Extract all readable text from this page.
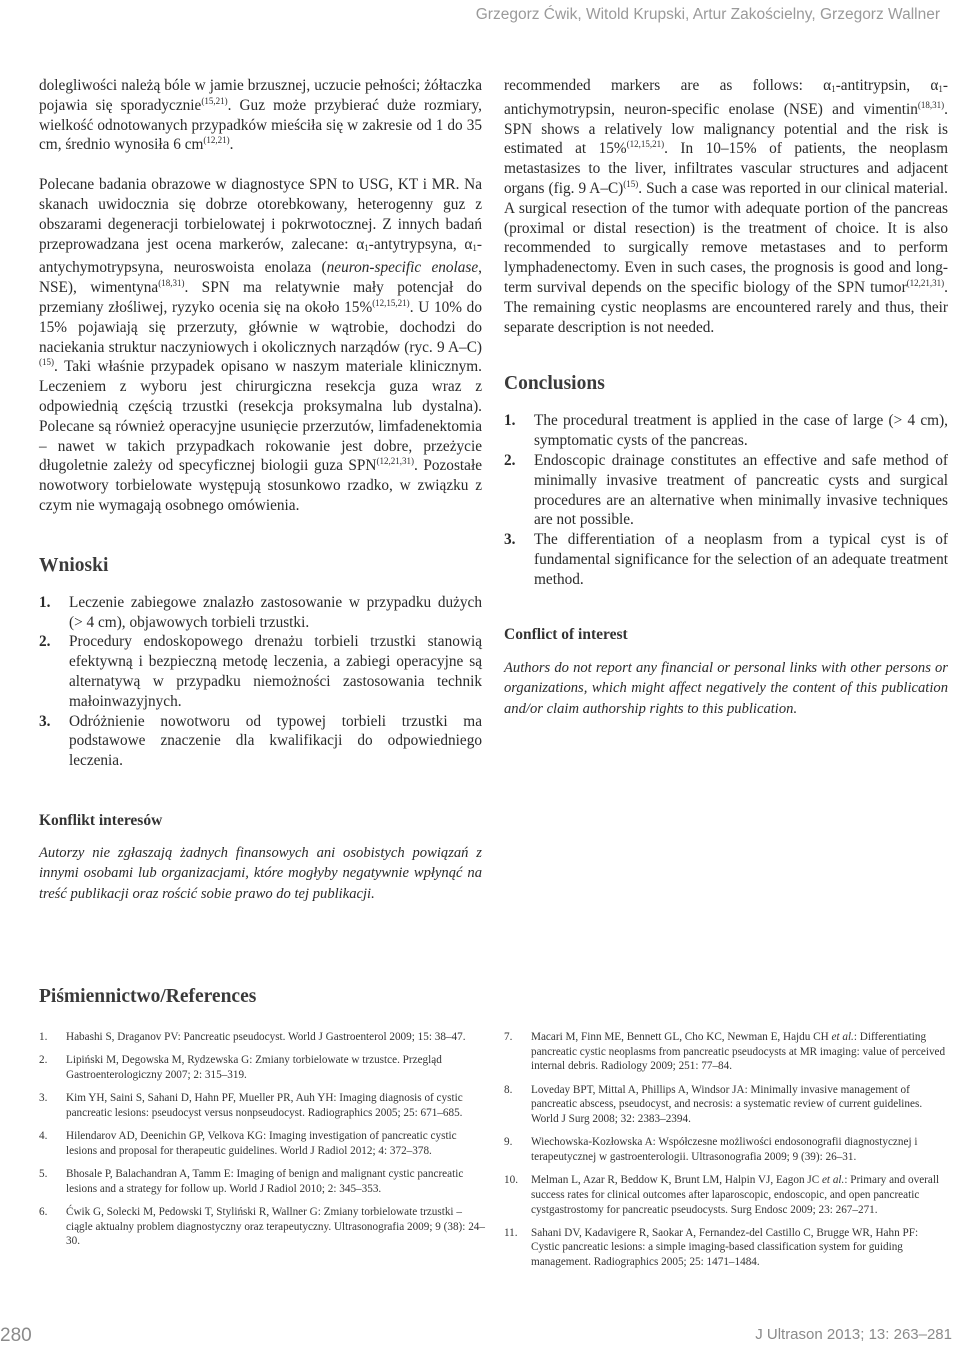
Grzegorz Ćwik, Witold Krupski, Artur Zakościelny, Grzegorz Wallner

dolegliwości należą bóle w jamie brzusznej, uczucie pełności; żółtaczka pojawia się sporadycznie$^{(15,21)}$. Guz może przybierać duże rozmiary, wielkość odnotowanych przypadków mieściła się w zakresie od 1 do 35 cm, średnio wynosiła 6 cm$^{(12,21)}$.

Polecane badania obrazowe w diagnostyce SPN to USG, KT i MR. Na skanach uwidocznia się dobrze otorebkowany, heterogenny guz z obszarami degeneracji torbielowatej i pokrwotocznej. Z innych badań przeprowadzana jest ocena markerów, zalecane: $\alpha_1$-antytrypsyna, $\alpha_1$-antychymotrypsyna, neuroswoista enolaza (neuron-specific enolase, NSE), wimentyna$^{(18,31)}$. SPN ma relatywnie mały potencjał do przemiany złośliwej, ryzyko ocenia się na około 15%$^{(12,15,21)}$. U 10% do 15% pojawiają się przerzuty, głównie w wątrobie, dochodzi do naciekania struktur naczyniowych i okolicznych narządów (ryc. 9 A–C)$^{(15)}$. Taki właśnie przypadek opisano w naszym materiale klinicznym. Leczeniem z wyboru jest chirurgiczna resekcja guza wraz z odpowiednią częścią trzustki (resekcja proksymalna lub dystalna). Polecane są również operacyjne usunięcie przerzutów, limfadenektomia – nawet w takich przypadkach rokowanie jest dobre, przeżycie długoletnie zależy od specyficznej biologii guza SPN$^{(12,21,31)}$. Pozostałe nowotwory torbielowate występują stosunkowo rzadko, w związku z czym nie wymagają osobnego omówienia.

Wnioski
1. Leczenie zabiegowe znalazło zastosowanie w przypadku dużych (> 4 cm), objawowych torbieli trzustki.
2. Procedury endoskopowego drenażu torbieli trzustki stanowią efektywną i bezpieczną metodę leczenia, a zabiegi operacyjne są alternatywą w przypadku niemożności zastosowania technik małoinwazyjnych.
3. Odróżnienie nowotworu od typowej torbieli trzustki ma podstawowe znaczenie dla kwalifikacji do odpowiedniego leczenia.
Konflikt interesów

Autorzy nie zgłaszają żadnych finansowych ani osobistych powiązań z innymi osobami lub organizacjami, które mogłyby negatywnie wpłynąć na treść publikacji oraz rościć sobie prawo do tej publikacji.

recommended markers are as follows: $\alpha_1$-antitrypsin, $\alpha_1$-antichymotrypsin, neuron-specific enolase (NSE) and vimentin$^{(18,31)}$. SPN shows a relatively low malignancy potential and the risk is estimated at 15%$^{(12,15,21)}$. In 10–15% of patients, the neoplasm metastasizes to the liver, infiltrates vascular structures and adjacent organs (fig. 9 A–C)$^{(15)}$. Such a case was reported in our clinical material. A surgical resection of the tumor with adequate portion of the pancreas (proximal or distal resection) is the treatment of choice. It is also recommended to surgically remove metastases and to perform lymphadenectomy. Even in such cases, the prognosis is good and long-term survival depends on the specific biology of the SPN tumor$^{(12,21,31)}$. The remaining cystic neoplasms are encountered rarely and thus, their separate description is not needed.

Conclusions
1. The procedural treatment is applied in the case of large (> 4 cm), symptomatic cysts of the pancreas.
2. Endoscopic drainage constitutes an effective and safe method of minimally invasive treatment of pancreatic cysts and surgical procedures are an alternative when minimally invasive techniques are not possible.
3. The differentiation of a neoplasm from a typical cyst is of fundamental significance for the selection of an adequate treatment method.
Conflict of interest

Authors do not report any financial or personal links with other persons or organizations, which might affect negatively the content of this publication and/or claim authorship rights to this publication.

Piśmiennictwo/References
1. Habashi S, Draganov PV: Pancreatic pseudocyst. World J Gastroenterol 2009; 15: 38–47.
2. Lipiński M, Degowska M, Rydzewska G: Zmiany torbielowate w trzustce. Przegląd Gastroenterologiczny 2007; 2: 315–319.
3. Kim YH, Saini S, Sahani D, Hahn PF, Mueller PR, Auh YH: Imaging diagnosis of cystic pancreatic lesions: pseudocyst versus nonpseudocyst. Radiographics 2005; 25: 671–685.
4. Hilendarov AD, Deenichin GP, Velkova KG: Imaging investigation of pancreatic cystic lesions and proposal for therapeutic guidelines. World J Radiol 2012; 4: 372–378.
5. Bhosale P, Balachandran A, Tamm E: Imaging of benign and malignant cystic pancreatic lesions and a strategy for follow up. World J Radiol 2010; 2: 345–353.
6. Ćwik G, Solecki M, Pedowski T, Styliński R, Wallner G: Zmiany torbielowate trzustki – ciągle aktualny problem diagnostyczny oraz terapeutyczny. Ultrasonografia 2009; 9 (38): 24–30.
7. Macari M, Finn ME, Bennett GL, Cho KC, Newman E, Hajdu CH et al.: Differentiating pancreatic cystic neoplasms from pancreatic pseudocysts at MR imaging: value of perceived internal debris. Radiology 2009; 251: 77–84.
8. Loveday BPT, Mittal A, Phillips A, Windsor JA: Minimally invasive management of pancreatic abscess, pseudocyst, and necrosis: a systematic review of current guidelines. World J Surg 2008; 32: 2383–2394.
9. Wiechowska-Kozłowska A: Współczesne możliwości endosonografii diagnostycznej i terapeutycznej w gastroenterologii. Ultrasonografia 2009; 9 (39): 26–31.
10. Melman L, Azar R, Beddow K, Brunt LM, Halpin VJ, Eagon JC et al.: Primary and overall success rates for clinical outcomes after laparoscopic, endoscopic, and open pancreatic cystgastrostomy for pancreatic pseudocysts. Surg Endosc 2009; 23: 267–271.
11. Sahani DV, Kadavigere R, Saokar A, Fernandez-del Castillo C, Brugge WR, Hahn PF: Cystic pancreatic lesions: a simple imaging-based classification system for guiding management. Radiographics 2005; 25: 1471–1484.
280	J Ultrason 2013; 13: 263–281
